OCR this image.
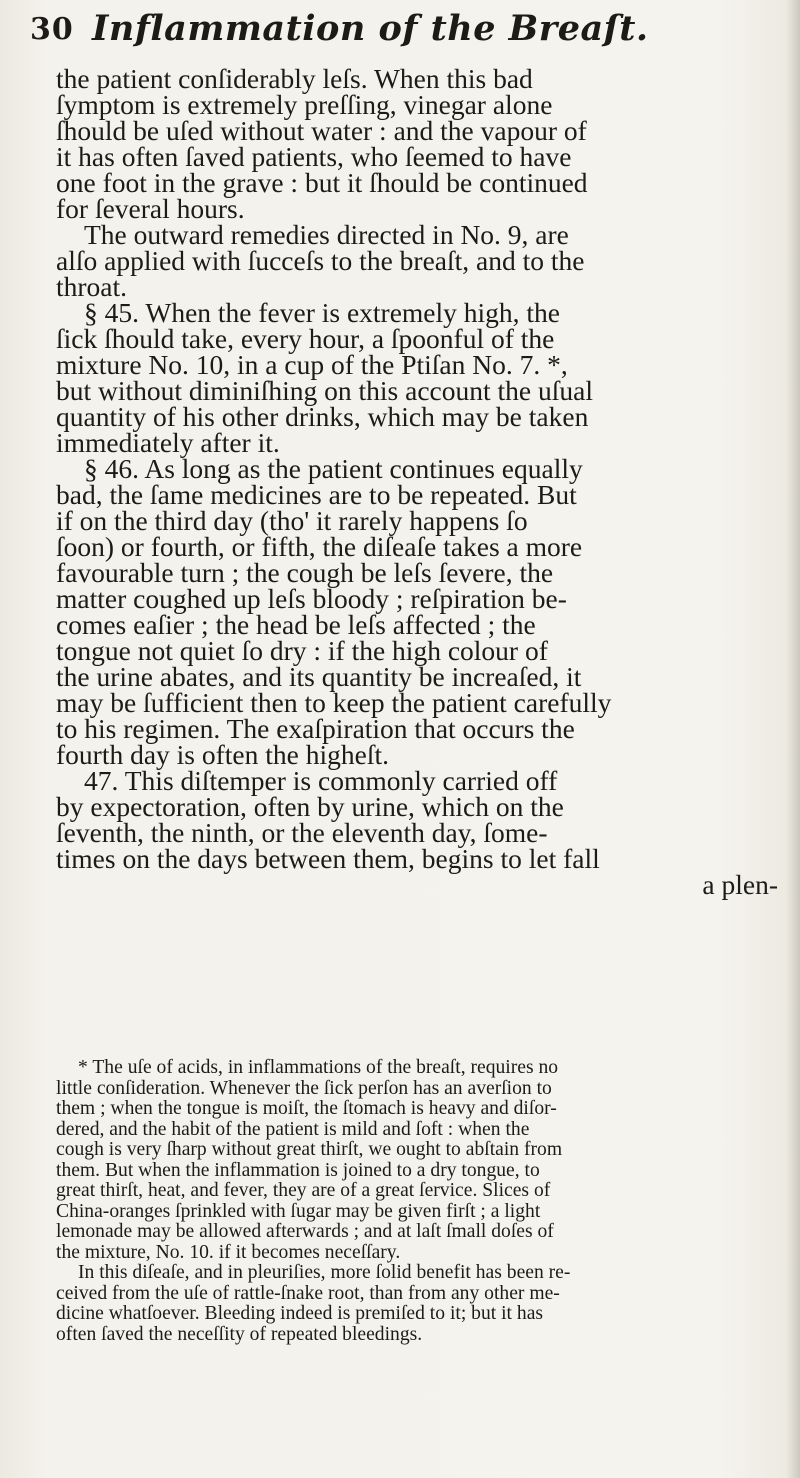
30 Inflammation of the Breaſt.
the patient conſiderably leſs. When this bad
ſymptom is extremely preſſing, vinegar alone
ſhould be uſed without water : and the vapour of
it has often ſaved patients, who ſeemed to have
one foot in the grave : but it ſhould be continued
for ſeveral hours.
The outward remedies directed in No. 9, are
alſo applied with ſucceſs to the breaſt, and to the
throat.
§ 45. When the fever is extremely high, the
ſick ſhould take, every hour, a ſpoonful of the
mixture No. 10, in a cup of the Ptiſan No. 7. *,
but without diminiſhing on this account the uſual
quantity of his other drinks, which may be taken
immediately after it.
§ 46. As long as the patient continues equally
bad, the ſame medicines are to be repeated. But
if on the third day (tho' it rarely happens ſo
ſoon) or fourth, or fifth, the diſeaſe takes a more
favourable turn ; the cough be leſs ſevere, the
matter coughed up leſs bloody ; reſpiration be-
comes eaſier ; the head be leſs affected ; the
tongue not quiet ſo dry : if the high colour of
the urine abates, and its quantity be increaſed, it
may be ſufficient then to keep the patient carefully
to his regimen. The exaſpiration that occurs the
fourth day is often the higheſt.
47. This diſtemper is commonly carried off
by expectoration, often by urine, which on the
ſeventh, the ninth, or the eleventh day, ſome-
times on the days between them, begins to let fall
a plen-
* The uſe of acids, in inflammations of the breaſt, requires no
little conſideration. Whenever the ſick perſon has an averſion to
them ; when the tongue is moiſt, the ſtomach is heavy and diſor-
dered, and the habit of the patient is mild and ſoft : when the
cough is very ſharp without great thirſt, we ought to abſtain from
them. But when the inflammation is joined to a dry tongue, to
great thirſt, heat, and fever, they are of a great ſervice. Slices of
China-oranges ſprinkled with ſugar may be given firſt ; a light
lemonade may be allowed afterwards ; and at laſt ſmall doſes of
the mixture, No. 10. if it becomes neceſſary.
In this diſeaſe, and in pleuriſies, more ſolid benefit has been re-
ceived from the uſe of rattle-ſnake root, than from any other me-
dicine whatſoever. Bleeding indeed is premiſed to it; but it has
often ſaved the neceſſity of repeated bleedings.
